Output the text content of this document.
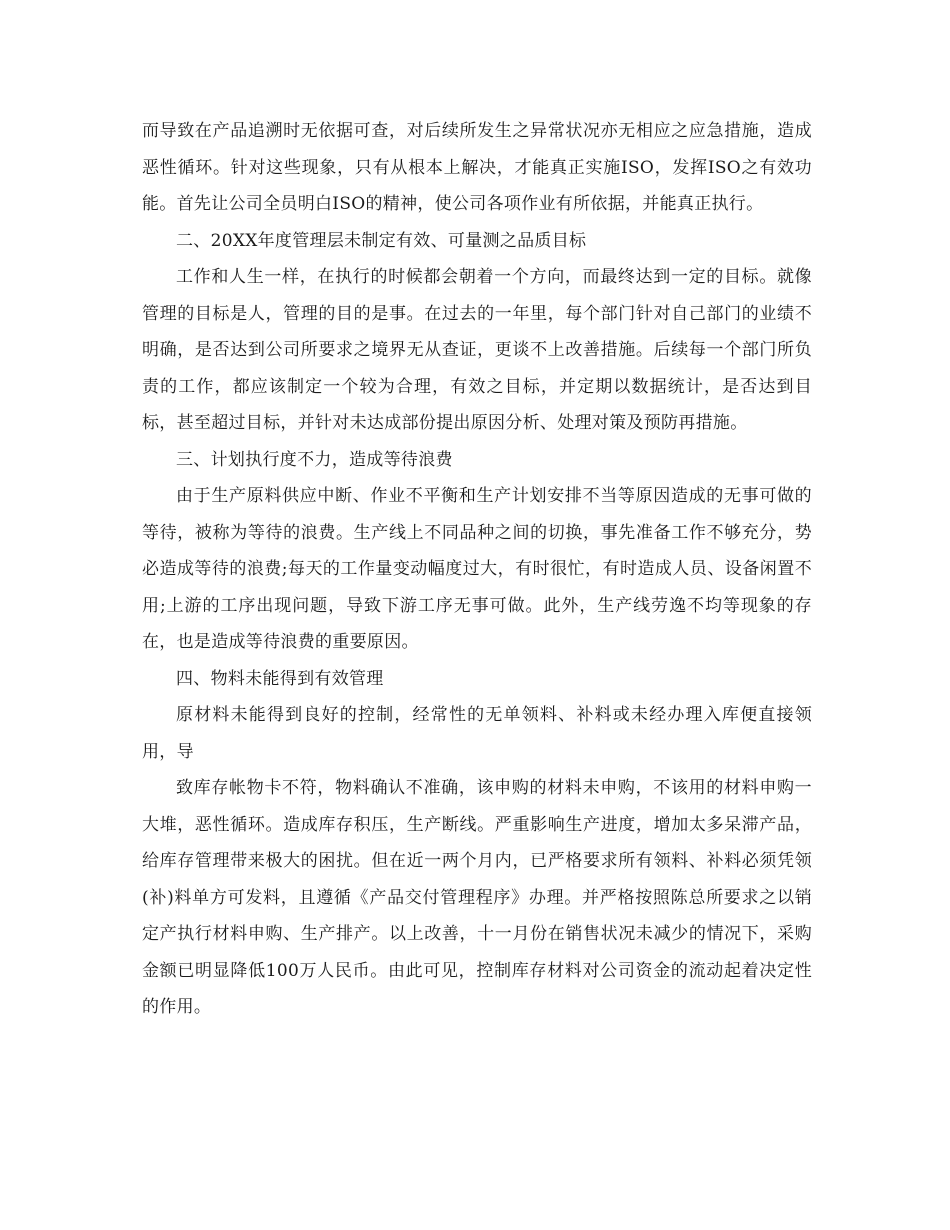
而导致在产品追溯时无依据可查，对后续所发生之异常状况亦无相应之应急措施，造成恶性循环。针对这些现象，只有从根本上解决，才能真正实施ISO，发挥ISO之有效功能。首先让公司全员明白ISO的精神，使公司各项作业有所依据，并能真正执行。

二、20XX年度管理层未制定有效、可量测之品质目标

工作和人生一样，在执行的时候都会朝着一个方向，而最终达到一定的目标。就像管理的目标是人，管理的目的是事。在过去的一年里，每个部门针对自己部门的业绩不明确，是否达到公司所要求之境界无从查证，更谈不上改善措施。后续每一个部门所负责的工作，都应该制定一个较为合理，有效之目标，并定期以数据统计，是否达到目标，甚至超过目标，并针对未达成部份提出原因分析、处理对策及预防再措施。

三、计划执行度不力，造成等待浪费

由于生产原料供应中断、作业不平衡和生产计划安排不当等原因造成的无事可做的等待，被称为等待的浪费。生产线上不同品种之间的切换，事先准备工作不够充分，势必造成等待的浪费;每天的工作量变动幅度过大，有时很忙，有时造成人员、设备闲置不用;上游的工序出现问题，导致下游工序无事可做。此外，生产线劳逸不均等现象的存在，也是造成等待浪费的重要原因。

四、物料未能得到有效管理

原材料未能得到良好的控制，经常性的无单领料、补料或未经办理入库便直接领用，导

致库存帐物卡不符，物料确认不准确，该申购的材料未申购，不该用的材料申购一大堆，恶性循环。造成库存积压，生产断线。严重影响生产进度，增加太多呆滞产品，给库存管理带来极大的困扰。但在近一两个月内，已严格要求所有领料、补料必须凭领(补)料单方可发料，且遵循《产品交付管理程序》办理。并严格按照陈总所要求之以销定产执行材料申购、生产排产。以上改善，十一月份在销售状况未减少的情况下，采购金额已明显降低100万人民币。由此可见，控制库存材料对公司资金的流动起着决定性的作用。
